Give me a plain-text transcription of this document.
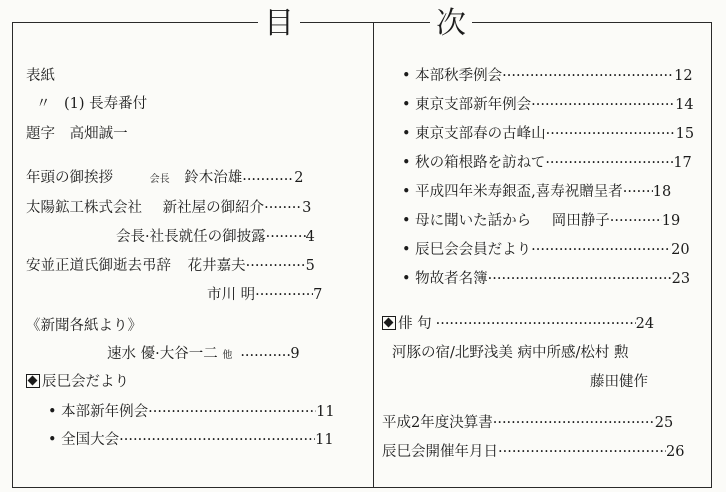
目	次
表紙
〃 (1) 長寿番付
題字 高畑誠一
年頭の御挨拶	会長 鈴木治雄 ·····	2
太陽鉱工株式会社 新社屋の御紹介 ·····	3
会長·社長就任の御披露 ·····	4
安並正道氏御逝去弔辞 花井嘉夫 ·····	5
市川 明 ·····	7
《新聞各紙より》
速水 優·大谷一二 他 ·····	9
辰巳会だより
• 本部新年例会 ·····	11
• 全国大会 ·····	11
• 本部秋季例会 ·····	12
• 東京支部新年例会 ·····	14
• 東京支部春の古峰山 ·····	15
• 秋の箱根路を訪ねて ·····	17
• 平成四年米寿銀盃,喜寿祝贈呈者 ····· 18
• 母に聞いた話から 岡田静子 ·····	19
• 辰巳会会員だより ·····	20
• 物故者名簿 ·····	23
俳 句 ·····	24
河豚の宿/北野浅美 病中所感/松村 勲
藤田健作
平成2年度決算書 ·····	25
辰巳会開催年月日 ·····	26
